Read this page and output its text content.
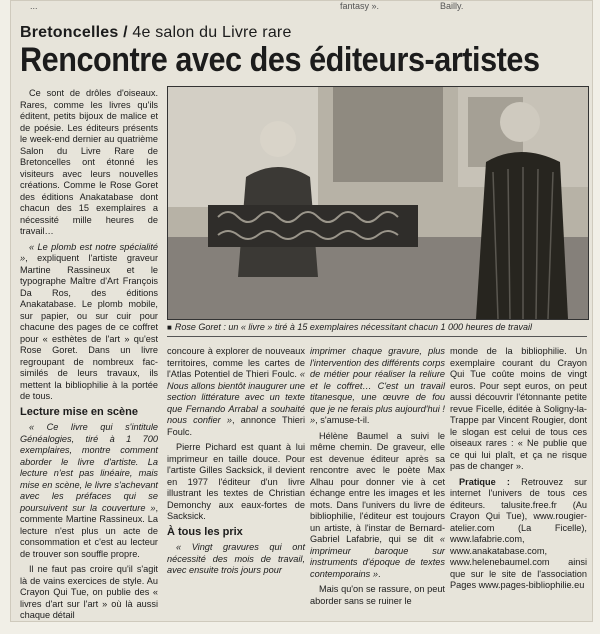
...	fantasy ».	Bailly.
Bretoncelles / 4e salon du Livre rare
Rencontre avec des éditeurs-artistes

Ce sont de drôles d'oiseaux. Rares, comme les livres qu'ils éditent, petits bijoux de malice et de poésie. Les éditeurs présents le week-end dernier au quatrième Salon du Livre Rare de Bretoncelles ont étonné les visiteurs avec leurs nouvelles créations. Comme le Rose Goret des éditions Anakatabase dont chacun des 15 exemplaires a nécessité mille heures de travail…

« Le plomb est notre spécialité », expliquent l'artiste graveur Martine Rassineux et le typographe Maître d'Art François Da Ros, des éditions Anakatabase. Le plomb mobile, sur papier, ou sur cuir pour chacune des pages de ce coffret pour « esthètes de l'art » qu'est Rose Goret. Dans un livre regroupant de nombreux fac-similés de leurs travaux, ils mettent la bibliophilie à la portée de tous.

Lecture mise en scène

« Ce livre qui s'intitule Généalogies, tiré à 1 700 exemplaires, montre comment aborder le livre d'artiste. La lecture n'est pas linéaire, mais mise en scène, le livre s'achevant avec les préfaces qui se poursuivent sur la couverture », commente Martine Rassineux. La lecture n'est plus un acte de consommation et c'est au lecteur de trouver son souffle propre.

Il ne faut pas croire qu'il s'agit là de vains exercices de style. Au Crayon Qui Tue, on publie des « livres d'art sur l'art » où là aussi chaque détail

■ Rose Goret : un « livre » tiré à 15 exemplaires nécessitant chacun 1 000 heures de travail

concoure à explorer de nouveaux territoires, comme les cartes de l'Atlas Potentiel de Thieri Foulc. « Nous allons bientôt inaugurer une section littérature avec un texte que Fernando Arrabal a souhaité nous confier », annonce Thieri Foulc.

Pierre Pichard est quant à lui imprimeur en taille douce. Pour l'artiste Gilles Sacksick, il devient en 1977 l'éditeur d'un livre illustrant les textes de Christian Demonchy aux eaux-fortes de Sacksick.

À tous les prix

« Vingt gravures qui ont nécessité des mois de travail, avec ensuite trois jours pour

imprimer chaque gravure, plus l'intervention des différents corps de métier pour réaliser la reliure et le coffret… C'est un travail titanesque, une œuvre de fou que je ne ferais plus aujourd'hui ! », s'amuse-t-il.

Hélène Baumel a suivi le même chemin. De graveur, elle est devenue éditeur après sa rencontre avec le poète Max Alhau pour donner vie à cet échange entre les images et les mots. Dans l'univers du livre de bibliophilie, l'éditeur est toujours un artiste, à l'instar de Bernard-Gabriel Lafabrie, qui se dit « imprimeur baroque sur instruments d'époque de textes contemporains ».

Mais qu'on se rassure, on peut aborder sans se ruiner le

monde de la bibliophilie. Un exemplaire courant du Crayon Qui Tue coûte moins de vingt euros. Pour sept euros, on peut aussi découvrir l'étonnante petite revue Ficelle, éditée à Soligny-la-Trappe par Vincent Rougier, dont le slogan est celui de tous ces oiseaux rares : « Ne publie que ce qui lui plaît, et ça ne risque pas de changer ».

Pratique : Retrouvez sur internet l'univers de tous ces éditeurs. talusite.free.fr (Au Crayon Qui Tue), www.rougier-atelier.com (La Ficelle), www.lafabrie.com, www.anakatabase.com, www.helenebaumel.com ainsi que sur le site de l'association Pages www.pages-bibliophilie.eu
